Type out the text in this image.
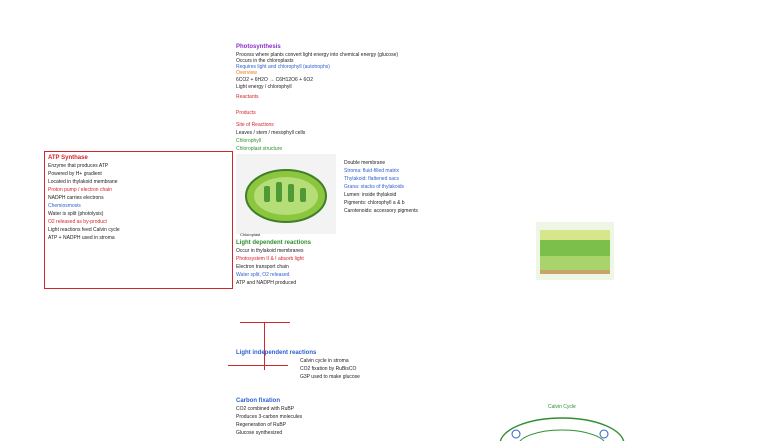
Photosynthesis
Process where plants convert light energy into chemical energy (glucose)
Occurs in the chloroplasts
Requires light and chlorophyll (autotrophs)
Overview
6CO2 + 6H2O → C6H12O6 + 6O2
Light energy / chlorophyll
Reactants
Products
Site of Reactions
Leaves / stem / mesophyll cells
Chlorophyll
Chloroplast structure
Chloroplast
Double membrane
Stroma: fluid-filled matrix
Thylakoid: flattened sacs
Grana: stacks of thylakoids
Lumen: inside thylakoid
Pigments: chlorophyll a & b
Carotenoids: accessory pigments
ATP Synthase
Enzyme that produces ATP
Powered by H+ gradient
Located in thylakoid membrane
Proton pump / electron chain
NADPH carries electrons
Chemiosmosis
Water is split (photolysis)
O2 released as by-product
Light reactions feed Calvin cycle
ATP + NADPH used in stroma
Light dependent reactions
Occur in thylakoid membranes
Photosystem II & I absorb light
Electron transport chain
Water split, O2 released
ATP and NADPH produced
Light independent reactions
Calvin cycle in stroma
CO2 fixation by RuBisCO
G3P used to make glucose
Carbon fixation
CO2 combined with RuBP
Produces 3-carbon molecules
Regeneration of RuBP
Glucose synthesized
Calvin Cycle
